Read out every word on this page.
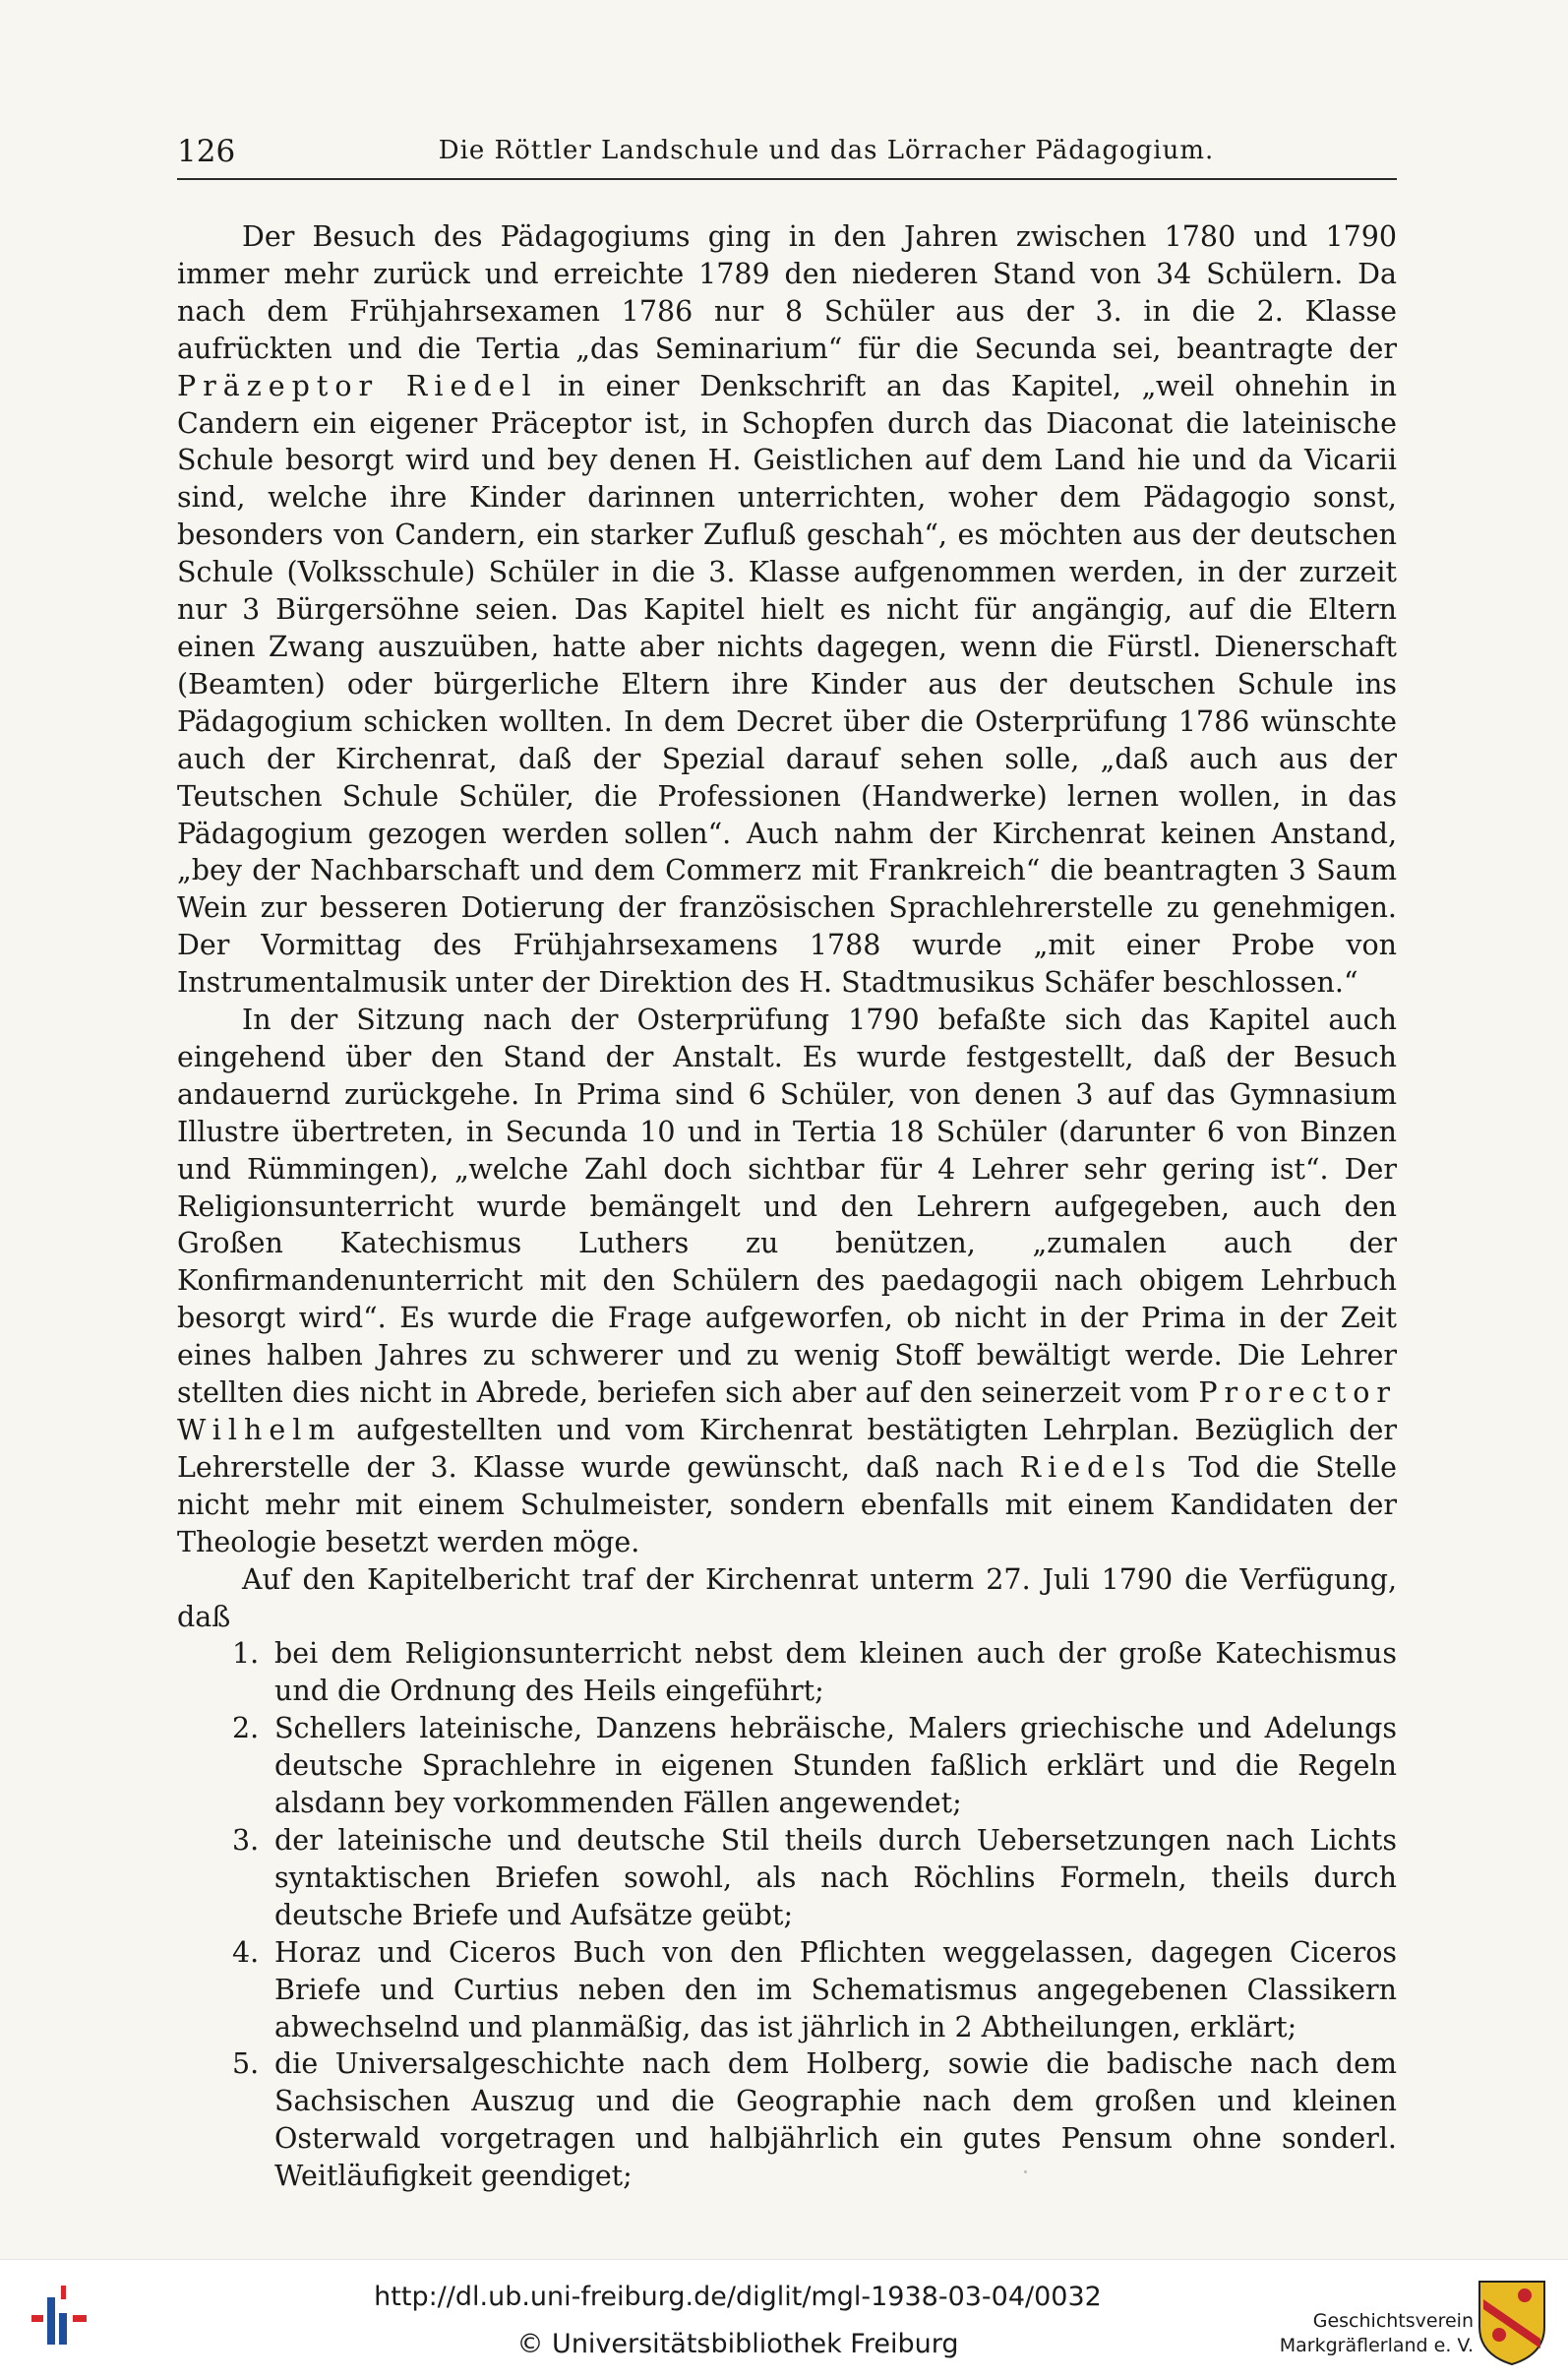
126	Die Röttler Landschule und das Lörracher Pädagogium.

Der Besuch des Pädagogiums ging in den Jahren zwischen 1780 und 1790 immer mehr zurück und erreichte 1789 den niederen Stand von 34 Schülern. Da nach dem Frühjahrsexamen 1786 nur 8 Schüler aus der 3. in die 2. Klasse aufrückten und die Tertia „das Seminarium“ für die Secunda sei, beantragte der Präzeptor Riedel in einer Denkschrift an das Kapitel, „weil ohnehin in Candern ein eigener Präceptor ist, in Schopfen durch das Diaconat die lateinische Schule besorgt wird und bey denen H. Geistlichen auf dem Land hie und da Vicarii sind, welche ihre Kinder darinnen unterrichten, woher dem Pädagogio sonst, besonders von Candern, ein starker Zufluß geschah“, es möchten aus der deutschen Schule (Volksschule) Schüler in die 3. Klasse aufgenommen werden, in der zurzeit nur 3 Bürgersöhne seien. Das Kapitel hielt es nicht für angängig, auf die Eltern einen Zwang auszuüben, hatte aber nichts dagegen, wenn die Fürstl. Dienerschaft (Beamten) oder bürgerliche Eltern ihre Kinder aus der deutschen Schule ins Pädagogium schicken wollten. In dem Decret über die Osterprüfung 1786 wünschte auch der Kirchenrat, daß der Spezial darauf sehen solle, „daß auch aus der Teutschen Schule Schüler, die Professionen (Handwerke) lernen wollen, in das Pädagogium gezogen werden sollen“. Auch nahm der Kirchenrat keinen Anstand, „bey der Nachbarschaft und dem Commerz mit Frankreich“ die beantragten 3 Saum Wein zur besseren Dotierung der französischen Sprachlehrerstelle zu genehmigen. Der Vormittag des Frühjahrsexamens 1788 wurde „mit einer Probe von Instrumentalmusik unter der Direktion des H. Stadtmusikus Schäfer beschlossen.“

In der Sitzung nach der Osterprüfung 1790 befaßte sich das Kapitel auch eingehend über den Stand der Anstalt. Es wurde festgestellt, daß der Besuch andauernd zurückgehe. In Prima sind 6 Schüler, von denen 3 auf das Gymnasium Illustre übertreten, in Secunda 10 und in Tertia 18 Schüler (darunter 6 von Binzen und Rümmingen), „welche Zahl doch sichtbar für 4 Lehrer sehr gering ist“. Der Religionsunterricht wurde bemängelt und den Lehrern aufgegeben, auch den Großen Katechismus Luthers zu benützen, „zumalen auch der Konfirmandenunterricht mit den Schülern des paedagogii nach obigem Lehrbuch besorgt wird“. Es wurde die Frage aufgeworfen, ob nicht in der Prima in der Zeit eines halben Jahres zu schwerer und zu wenig Stoff bewältigt werde. Die Lehrer stellten dies nicht in Abrede, beriefen sich aber auf den seinerzeit vom Prorector Wilhelm aufgestellten und vom Kirchenrat bestätigten Lehrplan. Bezüglich der Lehrerstelle der 3. Klasse wurde gewünscht, daß nach Riedels Tod die Stelle nicht mehr mit einem Schulmeister, sondern ebenfalls mit einem Kandidaten der Theologie besetzt werden möge.

Auf den Kapitelbericht traf der Kirchenrat unterm 27. Juli 1790 die Verfügung, daß

1. bei dem Religionsunterricht nebst dem kleinen auch der große Katechismus und die Ordnung des Heils eingeführt;
2. Schellers lateinische, Danzens hebräische, Malers griechische und Adelungs deutsche Sprachlehre in eigenen Stunden faßlich erklärt und die Regeln alsdann bey vorkommenden Fällen angewendet;
3. der lateinische und deutsche Stil theils durch Uebersetzungen nach Lichts syntaktischen Briefen sowohl, als nach Röchlins Formeln, theils durch deutsche Briefe und Aufsätze geübt;
4. Horaz und Ciceros Buch von den Pflichten weggelassen, dagegen Ciceros Briefe und Curtius neben den im Schematismus angegebenen Classikern abwechselnd und planmäßig, das ist jährlich in 2 Abtheilungen, erklärt;
5. die Universalgeschichte nach dem Holberg, sowie die badische nach dem Sachsischen Auszug und die Geographie nach dem großen und kleinen Osterwald vorgetragen und halbjährlich ein gutes Pensum ohne sonderl. Weitläufigkeit geendiget;
http://dl.ub.uni-freiburg.de/diglit/mgl-1938-03-04/0032
© Universitätsbibliothek Freiburg
Geschichtsverein
Markgräflerland e. V.
